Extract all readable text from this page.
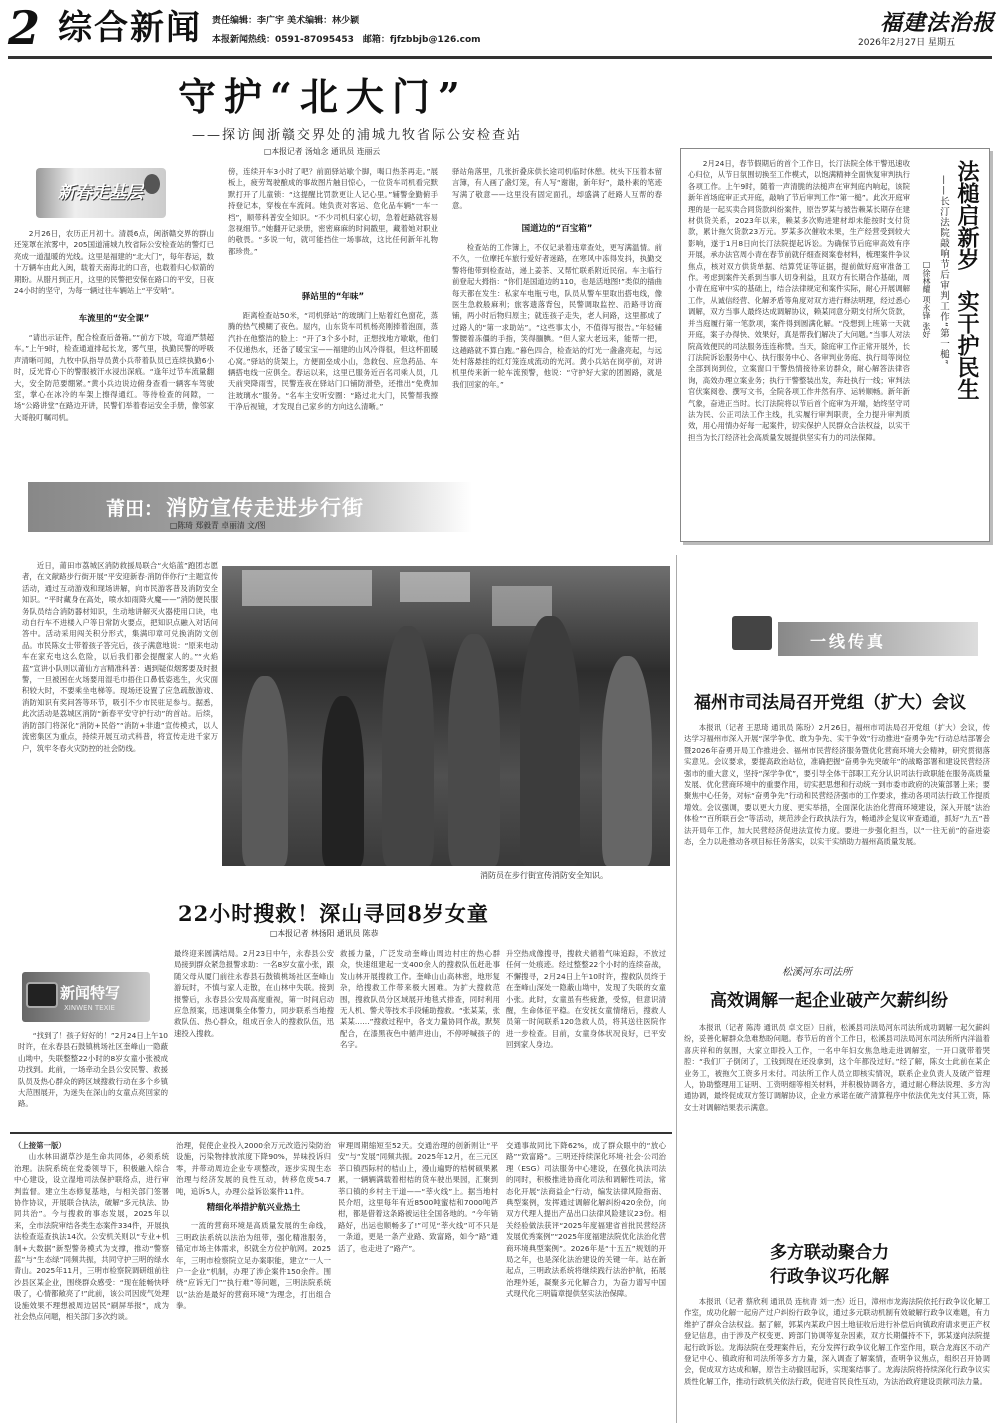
2 综合新闻 责任编辑：李广宇 美术编辑：林少颖
本报新闻热线：0591-87095453　邮箱：fjfzbbjb@126.com
福建法治报
2026年2月27日 星期五
守护“北大门”
——探访闽浙赣交界处的浦城九牧省际公安检查站
□本报记者 汤灿念 通讯员 连丽云
新春走基层

2月26日，农历正月初十。清晨6点，闽浙赣交界的群山还笼罩在浓雾中，205国道浦城九牧省际公安检查站的警灯已亮成一道温暖的光线。这里是福建的“北大门”，每年春运，数十万辆车由此入闽，载着天南海北的口音，也载着归心似箭的期盼。从腊月到正月，这里的民警把安保在路口的平安，日夜24小时的坚守，为每一辆过往车辆站上“平安哨”。

车流里的“安全课”

“请出示证件，配合检查后备箱。”“前方下坡，弯道严禁超车。”上午9时，检查通道排起长龙，雾气里，执勤民警的呼吸声清晰可闻，九牧中队指导员黄小兵带着队员已连续执勤6小时，反光背心下的警服被汗水浸出深痕。“逢年过节车流量翻大，安全防范要绷紧。”黄小兵边说边俯身查看一辆客车驾驶室，掌心在冰冷的车架上擦得通红。等待检查的间隙，一场“公路讲堂”在路边开讲，民警们举着春运安全手册，像邻家大哥般叮嘱司机。

傍，连续开车3小时了吧？前面驿站歇个脚，喝口热茶再走。”展板上，疲劳驾驶酿成的事故图片触目惊心，一位货车司机看完默默打开了儿童锁：“这提醒比罚款更让人记心里。”辅警金勤俯手持登记本，穿梭在车流间。她负责对客运、危化品车辆“一车一档”，顺带科普安全知识。“不少司机归家心切，急着赶路就容易忽视细节。”她翻开记录册，密密麻麻的时间戳里，藏着她对职业的敬畏。“多说一句，就可能挡住一场事故，这比任何新年礼物都珍贵。”

驿站里的“年味”

距离检查站50米，“司机驿站”的玻璃门上贴着红色窗花，蒸腾的热气模糊了夜色。屋内，山东货车司机杨亮刚捧着泡面，蒸汽扑在他整洁的脸上：“开了3个多小时，正想找地方歇歇，他们不仅递热水，还备了暖宝宝——福建的山风冷得很，但这杯面暖心窝。”驿站的货架上，方便面垒成小山，急救包、应急药品、车辆搭电线一应俱全。春运以来，这里已服务近百名司乘人员，几天前突降雨雪，民警连夜在驿站门口铺防滑垫，还推出“免费加注玻璃水”服务。“名车主安听安圈：“路过北大门，民警帮我擦干净后视镜，才发现自己家乡的方向这么清晰。”

驿站角落里，几张折叠床供长途司机临时休憩。枕头下压着本留言簿，有人画了盏灯笼，有人写“谢谢，新年好”，最朴素的笔迹写满了敬意——这里没有固定面孔，却盛满了赶路人互帮的春意。

国道边的“百宝箱”

检查站的工作簿上，不仅记录着违章查处，更写满温情。前不久，一位摩托车旅行爱好者迷路，在寒风中冻得发抖，执勤交警将他带到检查站，递上姜茶、又帮忙联系附近民宿。车主临行前登起大拇指：“你们是国道边的110，也是活地图!”类似的插曲每天都在发生：私家车电瓶亏电，队员从警车里取出搭电线，像医生急救般麻利；旅客遗落背包，民警调取监控、沿路寻访商铺，两小时后物归原主；就连孩子走失，老人问路，这里都成了过路人的“第一求助站”。“这些事太小，不值得写报告。”年轻辅警腰着冻僵的手指，笑得腼腆。“但人家大老远来，能帮一把，这趟路就不算白跑。”暮色四合，检查站的灯光一盏盏亮起，与远处村落悬挂的红灯笼连成流动的光河。黄小兵站在岗亭前，对讲机里传来新一轮车流预警，他说：“守护好大家的团圆路，就是我们回家的年。”

2月24日，春节假期后的首个工作日，长汀法院全体干警迅速收心归位，从节日氛围切换至工作模式，以饱满精神全面恢复审判执行各项工作。上午9时，随着一声清脆的法槌声在审判庭内响起，该院新年首场庭审正式开庭，敲响了节后审判工作“第一槌”。此次开庭审理的是一起买卖合同货款纠纷案件，原告罗某与被告赖某长期存在建材供货关系，2023年以来，赖某多次购进建材却未能按时支付货款，累计拖欠货款23万元。罗某多次催收未果，生产经营受到较大影响，遂于1月8日向长汀法院提起诉讼。为确保节后庭审高效有序开展，承办法官周小青在春节前就仔细查阅案卷材料，梳理案件争议焦点，核对双方供货单据、结算凭证等证据，提前做好庭审准备工作。考虑到案件关系到当事人切身利益，且双方有长期合作基础，周小青在庭审中实的基础上，结合法律规定和案件实际，耐心开展调解工作，从诚信经营、化解矛盾等角度对双方进行释法明理，经过悉心调解，双方当事人最终达成调解协议，赖某同意分期支付所欠货款，并当庭履行第一笔款项，案件得到圆满化解。“没想到上班第一天就开庭，案子办得快、效果好，真是帮我们解决了大问题。”当事人对法院高效便民的司法服务连连称赞。当天，除庭审工作正常开展外，长汀法院诉讼服务中心、执行服务中心、各审判业务庭、执行局等岗位全部到岗到位，立案窗口干警热情接待来访群众，耐心解答法律咨询，高效办理立案业务；执行干警整装出发，奔赴执行一线；审判法官伏案阅卷、撰写文书，全院各项工作井然有序、运转顺畅。新年新气象，奋进正当时。长汀法院将以节后首个庭审为开端，始终坚守司法为民、公正司法工作主线，扎实履行审判职责，全力提升审判质效，用心用情办好每一起案件，切实保护人民群众合法权益，以实干担当为长汀经济社会高质量发展提供坚实有力的司法保障。

法槌启新岁
实干护民生
——长汀法院敲响节后审判工作“第一槌”
□徐林耀 项永锋 张好
莆田： 消防宣传走进步行街
□陈琦 郑毅青 卓丽清 文/图

近日，莆田市荔城区消防救援局联合“火焰蓝”跑团志愿者，在文献路步行街开展“平安迎新春·消防伴你行”主题宣传活动，通过互动游戏和现场讲解，向市民游客普及消防安全知识。“平时藏身在高处，喷水如雨降火魔——”消防便民服务队员结合消防器材知识，生动地讲解灭火器使用口诀，电动自行车不进楼入户等日常防火要点，把知识点融入对话问答中。活动采用闯关积分形式，集满印章可兑换消防文创品。市民陈女士带着孩子答完后，孩子满意地说：“原来电动车在家充电这么危险，以后我们都会提醒家人的。”“火焰蓝”宣讲小队则以莆仙方言精准科普：遇到疑似烟雾要及时报警，一旦被困在火场要用湿毛巾捂住口鼻低姿逃生，火灾面积较大时，不要乘坐电梯等。现场还设置了应急疏散游戏、消防知识有奖问答等环节，吸引不少市民驻足参与。据悉，此次活动是荔城区消防“新春平安守护行动”的首站。后续，消防部门将深化“消防+民俗”“消防+非遗”宣传模式，以人流密集区为重点，持续开展互动式科普，将宣传走进千家万户，筑牢冬春火灾防控的社会防线。

消防员在步行街宣传消防安全知识。
22小时搜救！深山寻回8岁女童
□本报记者 林扬阳 通讯员 陈恭
新闻特写
XINWEN TEXIE

“找到了！孩子好好的！”2月24日上午10时许，在永春县石鼓镇桃场社区奎峰山一隐蔽山坳中，失联整整22小时的8岁女童小张被成功找到。此前，一场牵动全县公安民警、救援队员及热心群众的跨区域搜救行动在多个乡镇大范围展开，为迷失在深山的女童点亮回家的路。

最终迎来圆满结局。2月23日中午，永春县公安局接到群众紧急报警求助：一名8岁女童小张，跟随父母从厦门前往永春县石鼓镇桃场社区奎峰山游玩时，不慎与家人走散，在山林中失联。接到报警后，永春县公安局高度重视，第一时间启动应急预案，迅速调集全体警力，同步联系当地搜救队伍、热心群众，组成百余人的搜救队伍，迅速投入搜救。

救援力量，广泛发动奎峰山周边村庄的热心群众，快速组建起一支400余人的搜救队伍赶赴事发山林开展搜救工作。奎峰山山高林密，地形复杂，给搜救工作带来极大困难。为扩大搜救范围，搜救队员分区域展开地毯式排查，同时利用无人机、警犬等技术手段辅助搜救。“张某某，张某某……”搜救过程中，各支力量协同作战，默契配合，在漆黑夜色中循声进山，不停呼喊孩子的名字。

升空热成像搜寻，搜救犬循着气味追踪，不放过任何一处痕迹。经过整整22个小时的连续奋战，不懈搜寻，2月24日上午10时许，搜救队员终于在奎峰山深处一隐蔽山坳中，发现了失联的女童小张。此时，女童虽有些疲惫，受惊，但意识清醒，生命体征平稳。在安抚女童情绪后，搜救人员第一时间联系120急救人员，将其送往医院作进一步检查。目前，女童身体状况良好，已平安回到家人身边。

（上接第一版）

山水林田湖草沙是生命共同体，必须系统治理。法院系统在党委领导下，积极融入综合中心建设，设立湿地司法保护联络点，进行审判监督。建立生态修复基地，与相关部门签署协作协议，开展联合执法，破解“多元执法、协同共治”。今与搜救的事态发展，2025年以来，全市法院审结各类生态案件334件，开展执法检查巡查执法14次。公安机关则以“专业+机制+大数据”新型警务模式为支撑，推动“警察蓝”与“生态绿”同频共振，共同守护三明的绿水青山。2025年11月，三明市检察院调研组前往沙县区某企业，围绕群众感受：“现在能畅快呼吸了，心情都敞亮了!”此前，该公司因废气处理设施效果不理想被周边居民“刷屏举报”，成为社会热点问题，相关部门多次约谈。

治理，促使企业投入2000余万元改造污染防治设施，污染物排放浓度下降90%，异味投诉归零，并带动周边企业专项整改，逐步实现生态治理与经济发展的良性互动，转移危废54.7吨，追诉5人，办理公益诉讼案件11件。

精细化举措护航兴业热土

一流的营商环境是高质量发展的生命线，三明政法系统以法治为纽带，强化精准服务，锚定市场主体需求，织就全方位护航网。2025年，三明市检察院立足办案职能，建立“一人一户一企业”机制，办理了涉企案件150余件。围绕“应诉无门”“执行难”等问题，三明法院系统以“法治是最好的营商环境”为理念，打出组合拳。

审理周期缩短至52天。交通治理的创新则让“平安”与“发展”同频共振。2025年12月，在三元区莘口镇西际村的桔山上，漫山遍野的桔树硕果累累，一辆辆满载着柑桔的货车驶出果园，汇聚到莘口镇的乡村主干道——“莘火线”上。据当地村民介绍，这里每年有近8500吨蜜桔和7000吨芦柑，都是借着这条路被运往全国各地的。“今年销路好，出运也顺畅多了!”可见“莘火线”可不只是一条道，更是一条产业路、致富路，如今“路”通活了，也走进了“路产”。

交通事故同比下降62%，成了群众眼中的“放心路”“致富路”。三明还持续深化环境·社会·公司治理（ESG）司法服务中心建设，在强化执法司法的同时，积极推进协商化司法和调解性司法，常态化开展“法商益企”行动，编发法律风险指南、典型案例，发挥通过调解化解纠纷420余份，向双方代理人提出产品出口法律风险建议23份。相关经验做法获评“2025年度福建省首批民营经济发展优秀案例”“2025年度福建法院优化法治化营商环境典型案例”。2026年是“十五五”规划的开局之年，也是深化法治建设的关键一年。站在新起点，三明政法系统将继续践行法治护航，拓展治理外延，凝聚多元化解合力，为奋力谱写中国式现代化三明篇章提供坚实法治保障。

一线传真
福州市司法局召开党组（扩大）会议

本报讯（记者 王思琦 通讯员 陈玢）2月26日，福州市司法局召开党组（扩大）会议，传达学习福州市深入开展“深学争优、敢为争先、实干争效”行动推进“奋勇争先”行动总结部署会暨2026年奋勇开局工作推进会、福州市民营经济服务暨优化营商环境大会精神，研究贯彻落实意见。会议要求，要提高政治站位，准确把握“奋勇争先突破年”的战略部署和建设民营经济强市的重大意义，坚持“深学争优”，要引导全体干部职工充分认识司法行政职能在服务高质量发展、优化营商环境中的重要作用，切实把思想和行动统一到市委市政府的决策部署上来；要聚焦中心任务，对标“奋勇争先”行动和民营经济强市的工作要求，推动各项司法行政工作提质增效。会议强调，要以更大力度、更实举措，全面深化法治化营商环境建设，深入开展“法治体检”“百所联百会”等活动，规范涉企行政执法行为，畅通涉企复议审查通道，抓好“九五”普法开局年工作，加大民营经济促进法宣传力度。要进一步强化担当，以“一往无前”的奋进姿态，全力以赴推动各项目标任务落实，以实干实绩助力福州高质量发展。

松溪河东司法所
高效调解一起企业破产欠薪纠纷

本报讯（记者 陈涛 通讯员 卓文臣）日前，松溪县司法局河东司法所成功调解一起欠薪纠纷，妥善化解群众急难愁盼问题。春节后的首个工作日，松溪县司法局河东司法所所内洋溢着喜庆祥和的氛围，大家立即投入工作，一名中年妇女焦急地走进调解室，一开口就带着哭腔：“我们厂子倒闭了，工钱到现在还没拿到，这个年都没过好。”经了解，陈女士此前在某企业务工，被拖欠工资多月未付。司法所工作人员立即核实情况，联系企业负责人及破产管理人，协助整理用工证明、工资明细等相关材料，并积极协调各方，通过耐心释法说理、多方沟通协调，最终促成双方签订调解协议，企业方承诺在破产清算程序中依法优先支付其工资，陈女士对调解结果表示满意。

多方联动聚合力
行政争议巧化解

本报讯（记者 蔡欣利 通讯员 连杭青 刘一杰）近日，漳州市龙海法院依托行政争议化解工作室，成功化解一起房产过户纠纷行政争议，通过多元联动机制有效破解行政争议难题，有力维护了群众合法权益。据了解，郭某内某政户因土地征收后进行补偿后向镇政府请求更正产权登记信息，由于涉及产权变更、跨部门协调等复杂因素，双方长期僵持不下，郭某遂向法院提起行政诉讼。龙海法院在受理案件后，充分发挥行政争议化解工作室作用，联合龙海区不动产登记中心、镇政府和司法所等多方力量，深入调查了解案情，查明争议焦点，组织召开协调会，促成双方达成和解，原告主动撤回起诉，实现案结事了。龙海法院将持续深化行政争议实质性化解工作，推动行政机关依法行政，促进官民良性互动，为法治政府建设贡献司法力量。
